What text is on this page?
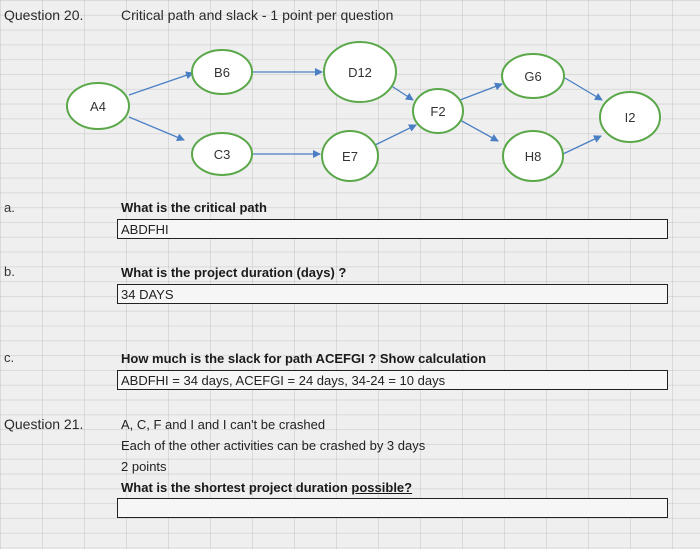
Question 20.	Critical path and slack - 1 point per question
A4
B6
C3
D12
E7
F2
G6
H8
I2
a.	What is the critical path
ABDFHI
b.	What is the project duration (days) ?
34 DAYS
c.	How much is the slack for path ACEFGI ? Show calculation
ABDFHI = 34 days, ACEFGI = 24 days, 34-24 = 10 days
Question 21.	A, C, F and I and I can't be crashed
Each of the other activities can be crashed by 3 days
2 points
What is the shortest project duration possible?
